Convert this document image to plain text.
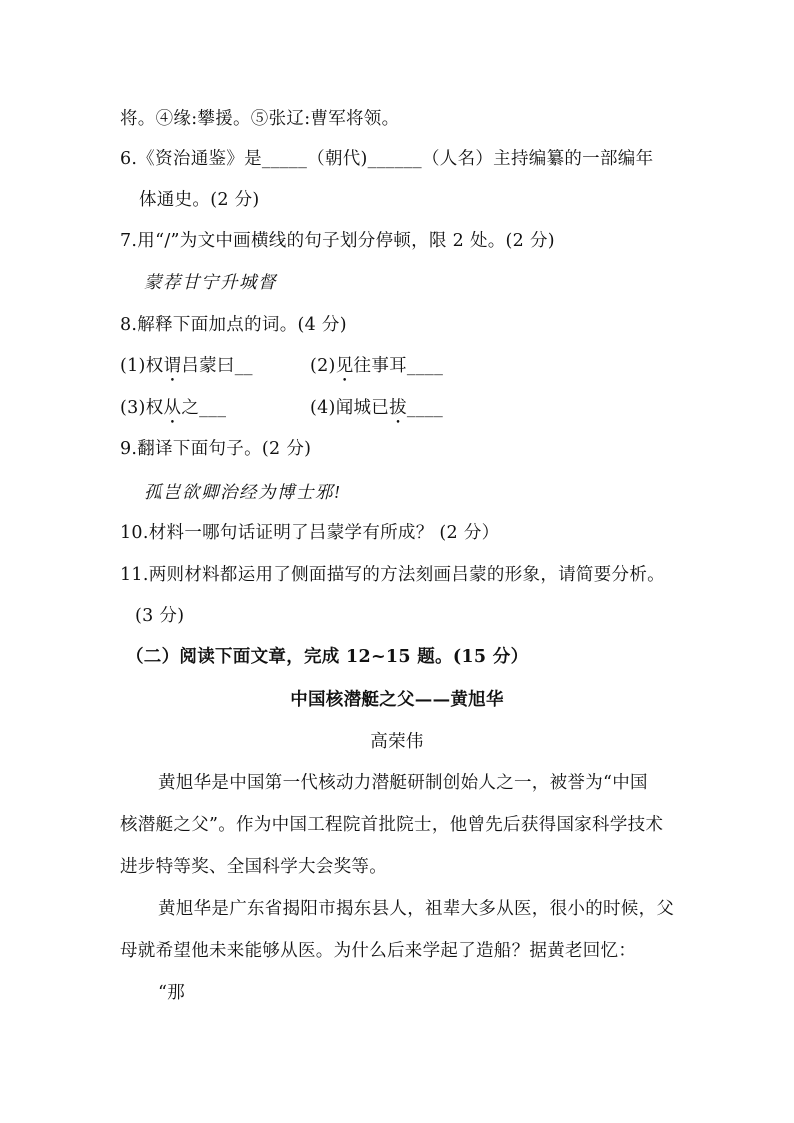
将。④缘:攀援。⑤张辽:曹军将领。
6.《资治通鉴》是_____（朝代)______（人名）主持编纂的一部编年
体通史。(2 分)
7.用“/”为文中画横线的句子划分停顿，限 2 处。(2 分)
蒙荐甘宁升城督
8.解释下面加点的词。(4 分)
(1)权谓吕蒙曰__	(2)见往事耳____
(3)权从之___	(4)闻城已拔____
9.翻译下面句子。(2 分)
孤岂欲卿治经为博士邪!
10.材料一哪句话证明了吕蒙学有所成？ (2 分）
11.两则材料都运用了侧面描写的方法刻画吕蒙的形象，请简要分析。
(3 分)
（二）阅读下面文章，完成 12~15 题。(15 分）
中国核潜艇之父——黄旭华
高荣伟
黄旭华是中国第一代核动力潜艇研制创始人之一，被誉为“中国
核潜艇之父”。作为中国工程院首批院士，他曾先后获得国家科学技术
进步特等奖、全国科学大会奖等。
黄旭华是广东省揭阳市揭东县人，祖辈大多从医，很小的时候，父
母就希望他未来能够从医。为什么后来学起了造船？据黄老回忆：
“那
